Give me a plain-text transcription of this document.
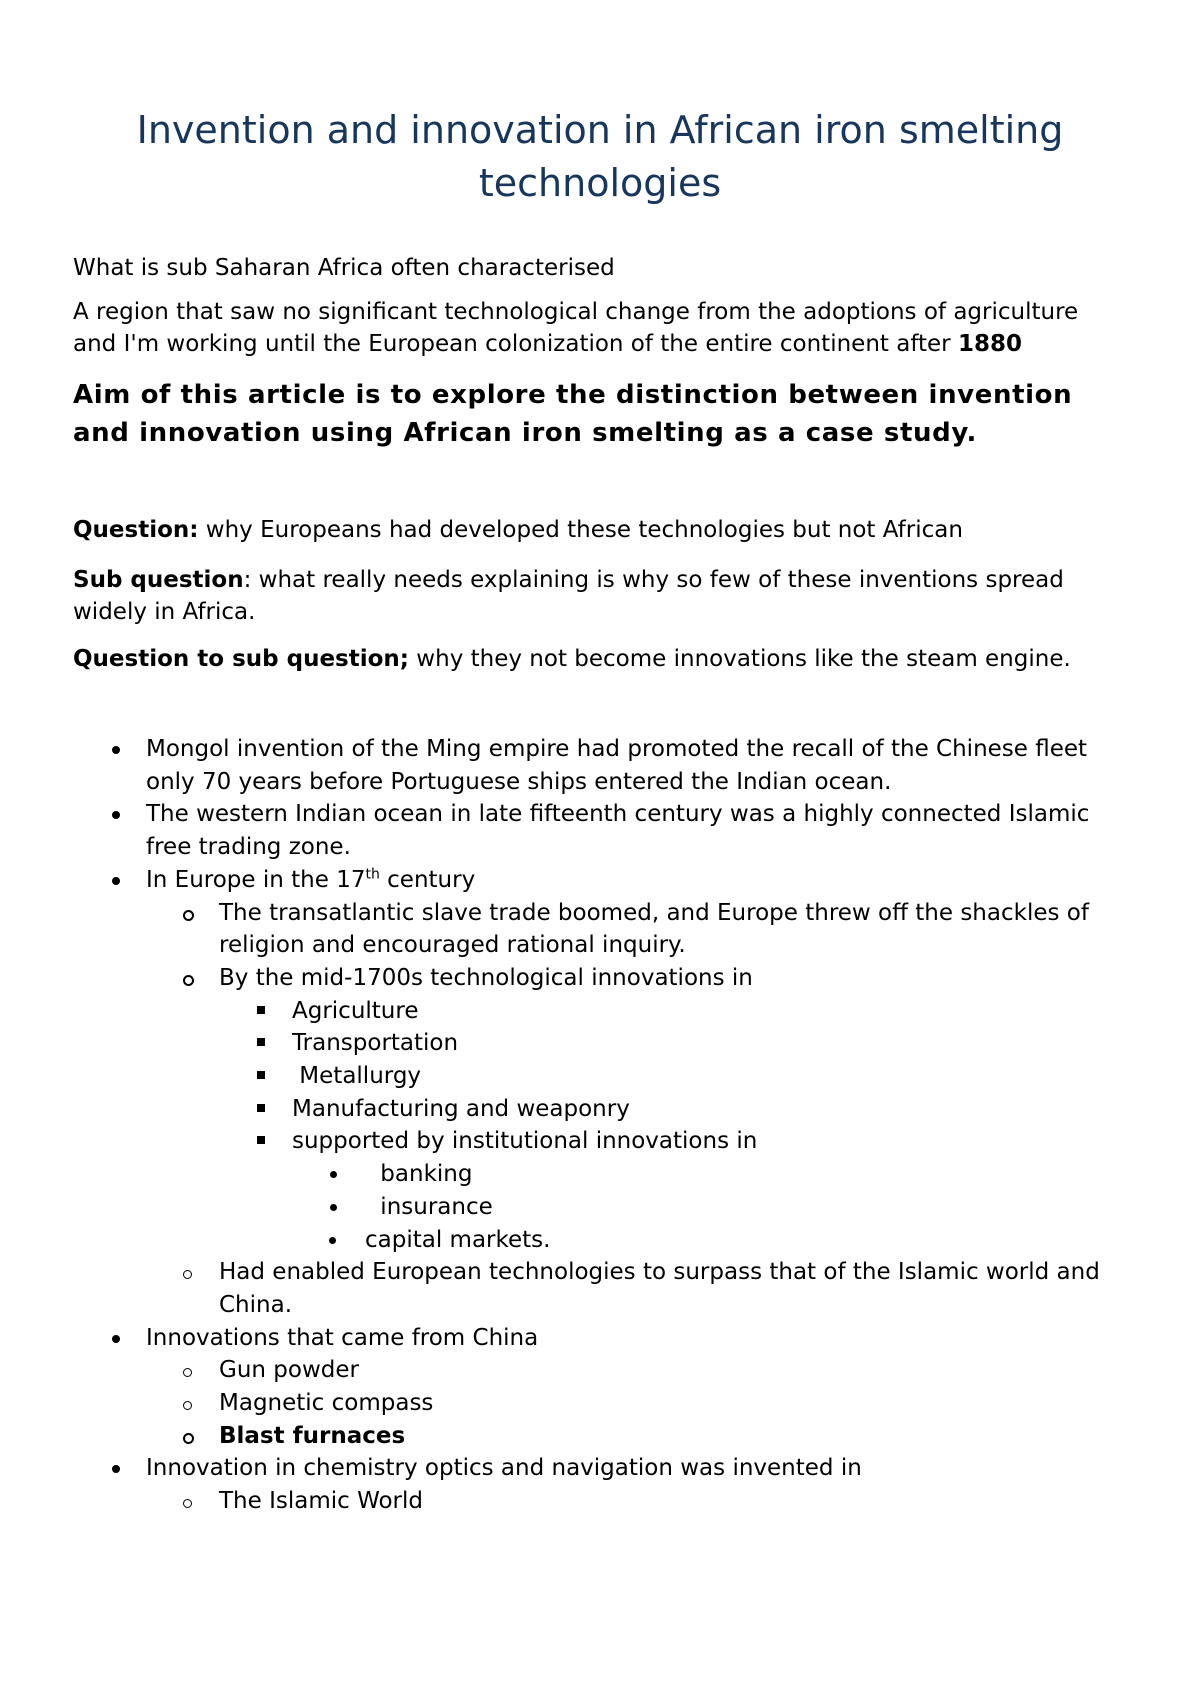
Invention and innovation in African iron smelting technologies

What is sub Saharan Africa often characterised

A region that saw no significant technological change from the adoptions of agriculture and I'm working until the European colonization of the entire continent after 1880

Aim of this article is to explore the distinction between invention and innovation using African iron smelting as a case study.

Question: why Europeans had developed these technologies but not African

Sub question: what really needs explaining is why so few of these inventions spread widely in Africa.

Question to sub question; why they not become innovations like the steam engine.

Mongol invention of the Ming empire had promoted the recall of the Chinese fleet only 70 years before Portuguese ships entered the Indian ocean.
The western Indian ocean in late fifteenth century was a highly connected Islamic free trading zone.
In Europe in the 17th century
The transatlantic slave trade boomed, and Europe threw off the shackles of religion and encouraged rational inquiry.
By the mid-1700s technological innovations in
Agriculture
Transportation
Metallurgy
Manufacturing and weaponry
supported by institutional innovations in
banking
insurance
capital markets.
Had enabled European technologies to surpass that of the Islamic world and China.
Innovations that came from China
Gun powder
Magnetic compass
Blast furnaces
Innovation in chemistry optics and navigation was invented in
The Islamic World
